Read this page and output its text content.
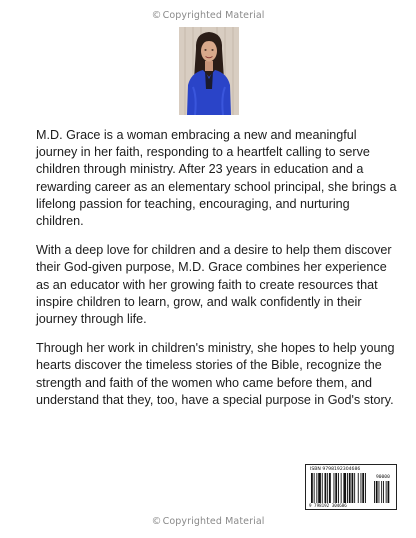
©Copyrighted Material

M.D. Grace is a woman embracing a new and meaningful journey in her faith, responding to a heartfelt calling to serve children through ministry. After 23 years in education and a rewarding career as an elementary school principal, she brings a lifelong passion for teaching, encouraging, and nurturing children.

With a deep love for children and a desire to help them discover their God-given purpose, M.D. Grace combines her experience as an educator with her growing faith to create resources that inspire children to learn, grow, and walk confidently in their journey through life.

Through her work in children's ministry, she hopes to help young hearts discover the timeless stories of the Bible, recognize the strength and faith of the women who came before them, and understand that they, too, have a special purpose in God's story.

ISBN 9798192304686
90000
9 798192 304686
©Copyrighted Material
